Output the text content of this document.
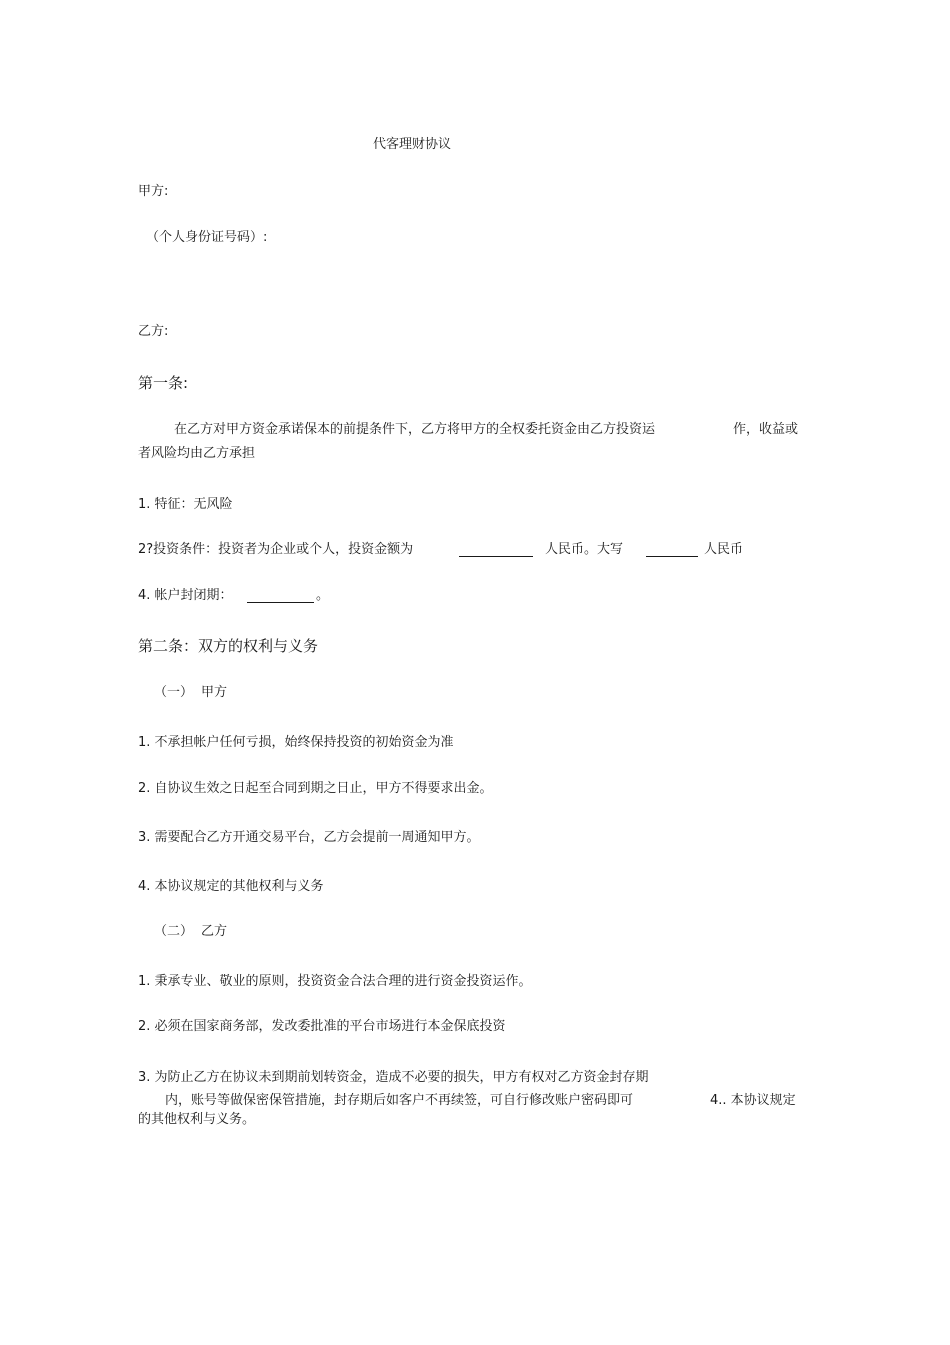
代客理财协议
甲方:
（个人身份证号码）:
乙方:
第一条:
在乙方对甲方资金承诺保本的前提条件下，乙方将甲方的全权委托资金由乙方投资运	作，收益或
者风险均由乙方承担
1. 特征：无风险
2?投资条件：投资者为企业或个人，投资金额为	人民币。大写	人民币
4. 帐户封闭期：	。
第二条：双方的权利与义务
（一） 甲方
1. 不承担帐户任何亏损，始终保持投资的初始资金为准
2. 自协议生效之日起至合同到期之日止，甲方不得要求出金。
3. 需要配合乙方开通交易平台，乙方会提前一周通知甲方。
4. 本协议规定的其他权利与义务
（二） 乙方
1. 秉承专业、敬业的原则，投资资金合法合理的进行资金投资运作。
2. 必须在国家商务部，发改委批准的平台市场进行本金保底投资
3. 为防止乙方在协议未到期前划转资金，造成不必要的损失，甲方有权对乙方资金封存期
内，账号等做保密保管措施，封存期后如客户不再续签，可自行修改账户密码即可	4.. 本协议规定
的其他权利与义务。
